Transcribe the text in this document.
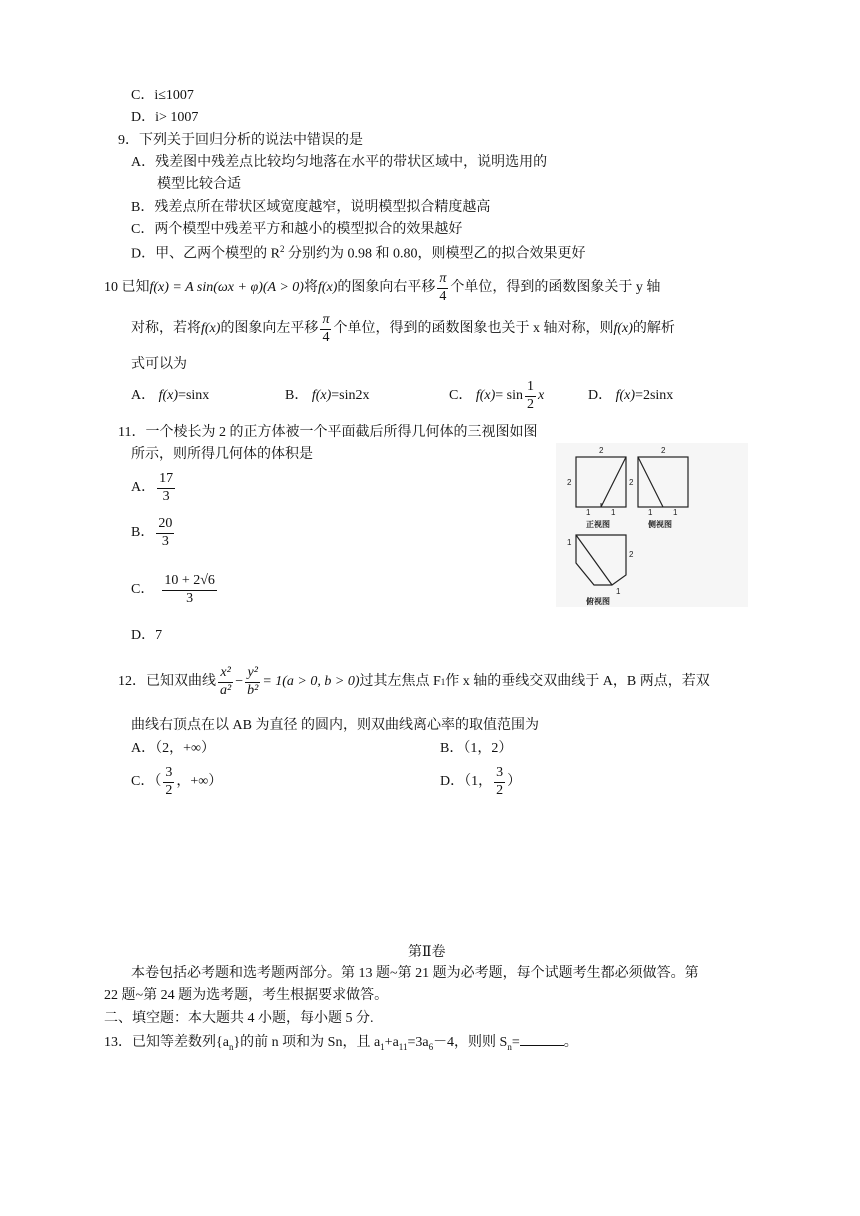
C．i≤1007
D．i> 1007
9．下列关于回归分析的说法中错误的是
A．残差图中残差点比较均匀地落在水平的带状区域中，说明选用的
模型比较合适
B．残差点所在带状区域宽度越窄，说明模型拟合精度越高
C．两个模型中残差平方和越小的模型拟合的效果越好
D．甲、乙两个模型的 $R^2$ 分别约为 0.98 和 0.80，则模型乙的拟合效果更好
10 已知 f(x) = A sin(ωx + φ)(A > 0) 将 f(x) 的图象向右平移 $\frac{\pi}{4}$ 个单位，得到的函数图象关于 y 轴
对称，若将 f(x) 的图象向左平移 $\frac{\pi}{4}$ 个单位，得到的函数图象也关于 x 轴对称，则 f(x) 的解析
式可以为
A． f(x)=sinx	B． f(x)=sin2x	C．
$f(x) = \sin \frac{1}{2}$ x	D． f(x)=2sinx
11．一个棱长为 2 的正方体被一个平面截后所得几何体的三视图如图
所示，则所得几何体的体积是
A． $\frac{17}{3}$
B． $\frac{20}{3}$
C． $\frac{10 + 2√6}{3}$
D．7
2
2	2
1	1
正视图
2
1	1
侧视图
1
2
1
俯视图
12．已知双曲线 $\frac{\text{x²}}{\text{a²}} - \frac{\text{y²}}{\text{b²}} = 1(a > 0$, b > 0) 过其左焦点 F 1 作 x 轴的垂线交双曲线于 A，B 两点，若双
曲线右顶点在以 AB 为直径 的圆内，则双曲线离心率的取值范围为
A．（2，+∞）	B．（1，2）
C．（ $\frac{3}{2}$ ，+∞）	D．（1， $\frac{3}{2}$ ）
第Ⅱ卷
本卷包括必考题和选考题两部分。第 13 题~第 21 题为必考题，每个试题考生都必须做答。第
22 题~第 24 题为选考题，考生根据要求做答。
二、填空题：本大题共 4 小题，每小题 5 分.
13．已知等差数列$\{a_n\}$的前 n 项和为 Sn，且 $a_1+a_{11}=3a_6-4$，则则 $S_n=$	。
